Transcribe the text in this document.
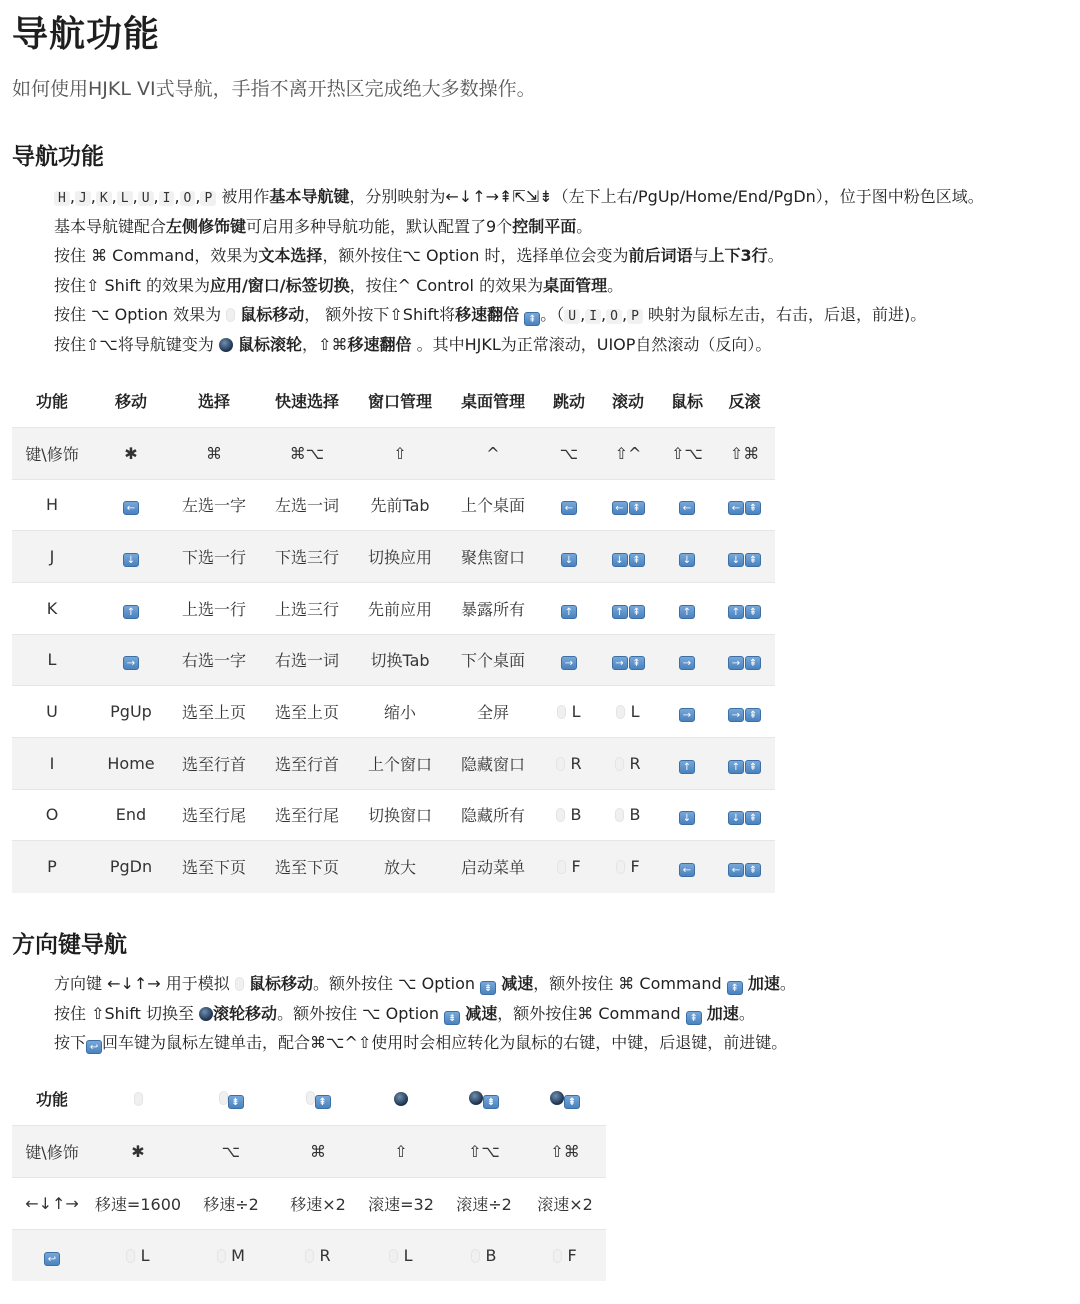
导航功能

如何使用HJKL VI式导航，手指不离开热区完成绝大多数操作。

导航功能
H , J , K , L , U , I , O , P 被用作基本导航键，分别映射为←↓↑→⇞⇱⇲⇟（左下上右/PgUp/Home/End/PgDn），位于图中粉色区域。
基本导航键配合左侧修饰键可启用多种导航功能，默认配置了9个控制平面。
按住 ⌘ Command，效果为文本选择，额外按住⌥ Option 时，选择单位会变为前后词语与上下3行。
按住⇧ Shift 的效果为应用/窗口/标签切换，按住^ Control 的效果为桌面管理。
按住 ⌥ Option 效果为  鼠标移动， 额外按下⇧Shift将移速翻倍 ⇞ 。（ U , I , O , P 映射为鼠标左击，右击，后退，前进)。
按住⇧⌥将导航键变为  鼠标滚轮，⇧⌘移速翻倍 。其中HJKL为正常滚动，UIOP自然滚动（反向）。
功能	移动	选择	快速选择	窗口管理	桌面管理	跳动	滚动	鼠标	反滚
键\修饰	✱	⌘	⌘⌥	⇧	^	⌥	⇧^	⇧⌥	⇧⌘
H	←	左选一字	左选一词	先前Tab	上个桌面	←	← ⇞	←	← ⇞
J	↓	下选一行	下选三行	切换应用	聚焦窗口	↓	↓ ⇞	↓	↓ ⇞
K	↑	上选一行	上选三行	先前应用	暴露所有	↑	↑ ⇞	↑	↑ ⇞
L	→	右选一字	右选一词	切换Tab	下个桌面	→	→ ⇞	→	→ ⇞
U	PgUp	选至上页	选至上页	缩小	全屏	L	L	→	→ ⇞
I	Home	选至行首	选至行首	上个窗口	隐藏窗口	R	R	↑	↑ ⇞
O	End	选至行尾	选至行尾	切换窗口	隐藏所有	B	B	↓	↓ ⇞
P	PgDn	选至下页	选至下页	放大	启动菜单	F	F	←	← ⇞
方向键导航
方向键 ←↓↑→ 用于模拟  鼠标移动。额外按住 ⌥ Option ⇟ 减速，额外按住 ⌘ Command ⇞ 加速。
按住 ⇧Shift 切换至 滚轮移动。额外按住 ⌥ Option ⇟ 减速，额外按住⌘ Command ⇞ 加速。
按下 ↩ 回车键为鼠标左键单击，配合⌘⌥^⇧使用时会相应转化为鼠标的右键，中键，后退键，前进键。
功能		⇟	⇞		⇟	⇞
键\修饰	✱	⌥	⌘	⇧	⇧⌥	⇧⌘
←↓↑→	移速=1600	移速÷2	移速×2	滚速=32	滚速÷2	滚速×2
↩	L	M	R	L	B	F
